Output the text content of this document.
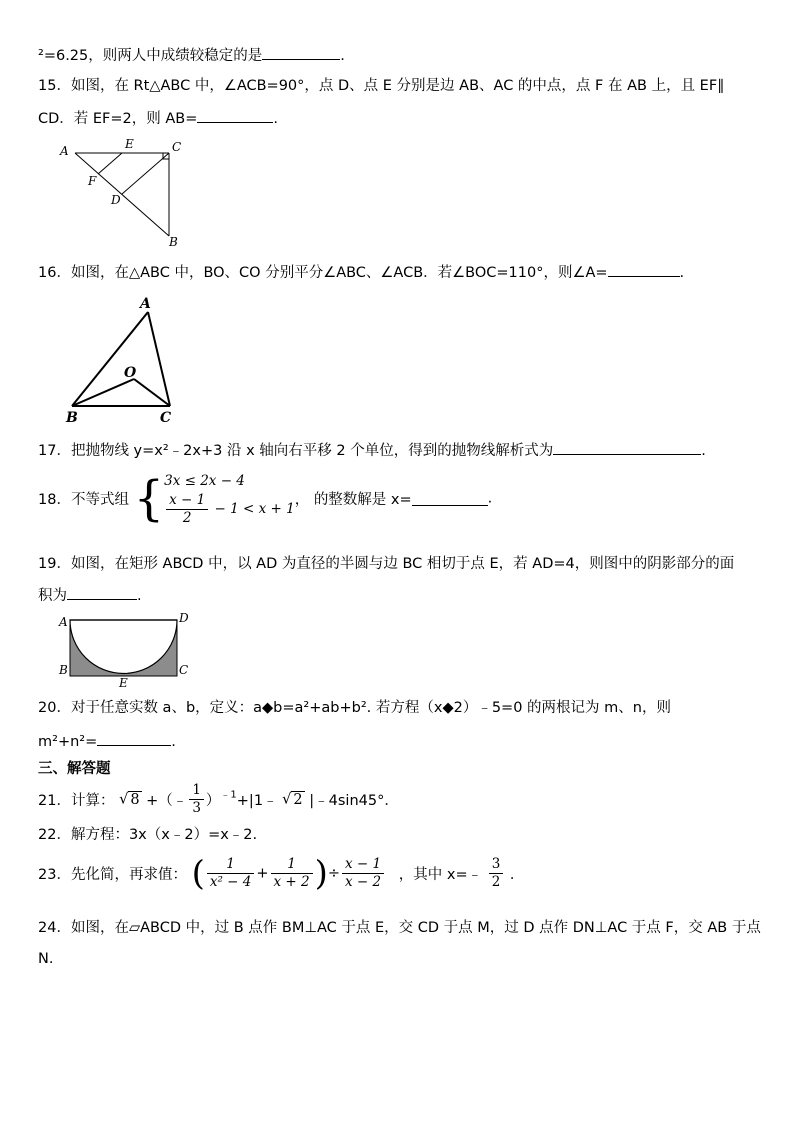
²=6.25，则两人中成绩较稳定的是	.
15．如图，在 Rt△ABC 中，∠ACB=90°，点 D、点 E 分别是边 AB、AC 的中点，点 F 在 AB 上，且 EF∥
CD．若 EF=2，则 AB=	.
A	E	C
F
D
B
16．如图，在△ABC 中，BO、CO 分别平分∠ABC、∠ACB．若∠BOC=110°，则∠A=	.
A
O
B	C
17．把抛物线 y=x²﹣2x+3 沿 x 轴向右平移 2 个单位，得到的抛物线解析式为	.
18．不等式组 { 3x ≤ 2x − 4
$\frac{x - 1}{2} - 1 < x + 1$
， 的整数解是 x=	.
19．如图，在矩形 ABCD 中，以 AD 为直径的半圆与边 BC 相切于点 E，若 AD=4，则图中的阴影部分的面
积为	.
A	D
B
E
C
20．对于任意实数 a、b，定义：a◆b=a²+ab+b². 若方程（x◆2）﹣5=0 的两根记为 m、n，则
m²+n²=	.
三、解答题
21．计算： √ 8 +（﹣ $\frac{1}{3}$ ）$^{﹣1}$+|1﹣ √ 2 |﹣4sin45°．
22．解方程：3x（x﹣2）=x﹣2.
23．先化简，再求值： ( $\frac{1}{\text{x² − 4}} + \frac{1}{x + 2}$ )÷ $\frac{x - 1}{x - 2}$ ，其中 x=﹣ $\frac{3}{2}$ ．
24．如图，在▱ABCD 中，过 B 点作 BM⊥AC 于点 E，交 CD 于点 M，过 D 点作 DN⊥AC 于点 F，交 AB 于点
N.
